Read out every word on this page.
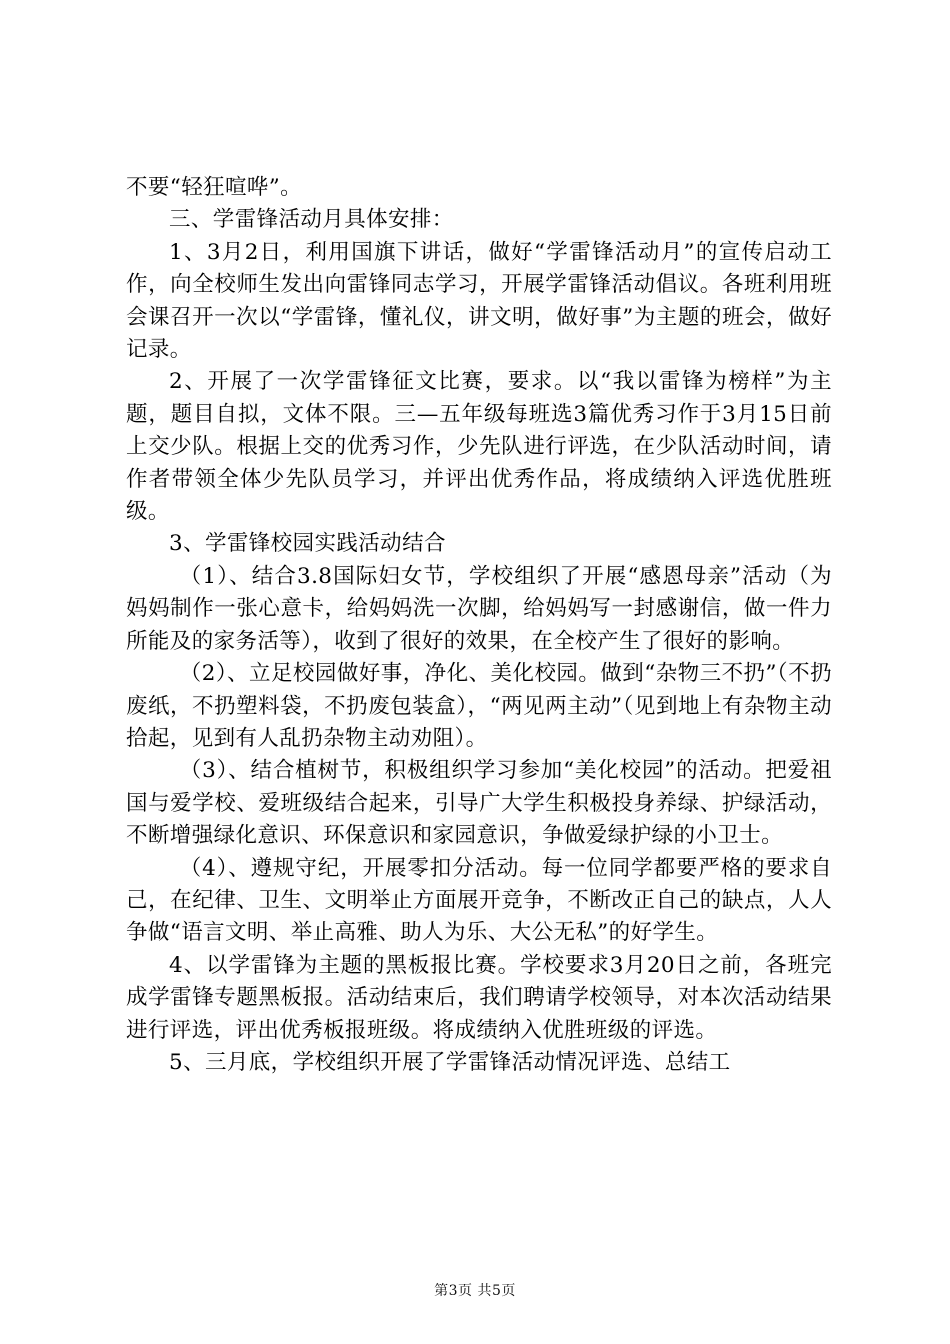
不要“轻狂喧哗”。

三、学雷锋活动月具体安排：

1、3月2日，利用国旗下讲话，做好“学雷锋活动月”的宣传启动工作，向全校师生发出向雷锋同志学习，开展学雷锋活动倡议。各班利用班会课召开一次以“学雷锋，懂礼仪，讲文明，做好事”为主题的班会，做好记录。

2、开展了一次学雷锋征文比赛，要求。以“我以雷锋为榜样”为主题，题目自拟，文体不限。三—五年级每班选3篇优秀习作于3月15日前上交少队。根据上交的优秀习作，少先队进行评选，在少队活动时间，请作者带领全体少先队员学习，并评出优秀作品，将成绩纳入评选优胜班级。

3、学雷锋校园实践活动结合

（1）、结合3.8国际妇女节，学校组织了开展“感恩母亲”活动（为妈妈制作一张心意卡，给妈妈洗一次脚，给妈妈写一封感谢信，做一件力所能及的家务活等），收到了很好的效果，在全校产生了很好的影响。

（2）、立足校园做好事，净化、美化校园。做到“杂物三不扔”（不扔废纸，不扔塑料袋，不扔废包装盒），“两见两主动”（见到地上有杂物主动拾起，见到有人乱扔杂物主动劝阻）。

（3）、结合植树节，积极组织学习参加“美化校园”的活动。把爱祖国与爱学校、爱班级结合起来，引导广大学生积极投身养绿、护绿活动，不断增强绿化意识、环保意识和家园意识，争做爱绿护绿的小卫士。

（4）、遵规守纪，开展零扣分活动。每一位同学都要严格的要求自己，在纪律、卫生、文明举止方面展开竞争，不断改正自己的缺点，人人争做“语言文明、举止高雅、助人为乐、大公无私”的好学生。

4、以学雷锋为主题的黑板报比赛。学校要求3月20日之前，各班完成学雷锋专题黑板报。活动结束后，我们聘请学校领导，对本次活动结果进行评选，评出优秀板报班级。将成绩纳入优胜班级的评选。

5、三月底，学校组织开展了学雷锋活动情况评选、总结工

第3页 共5页
